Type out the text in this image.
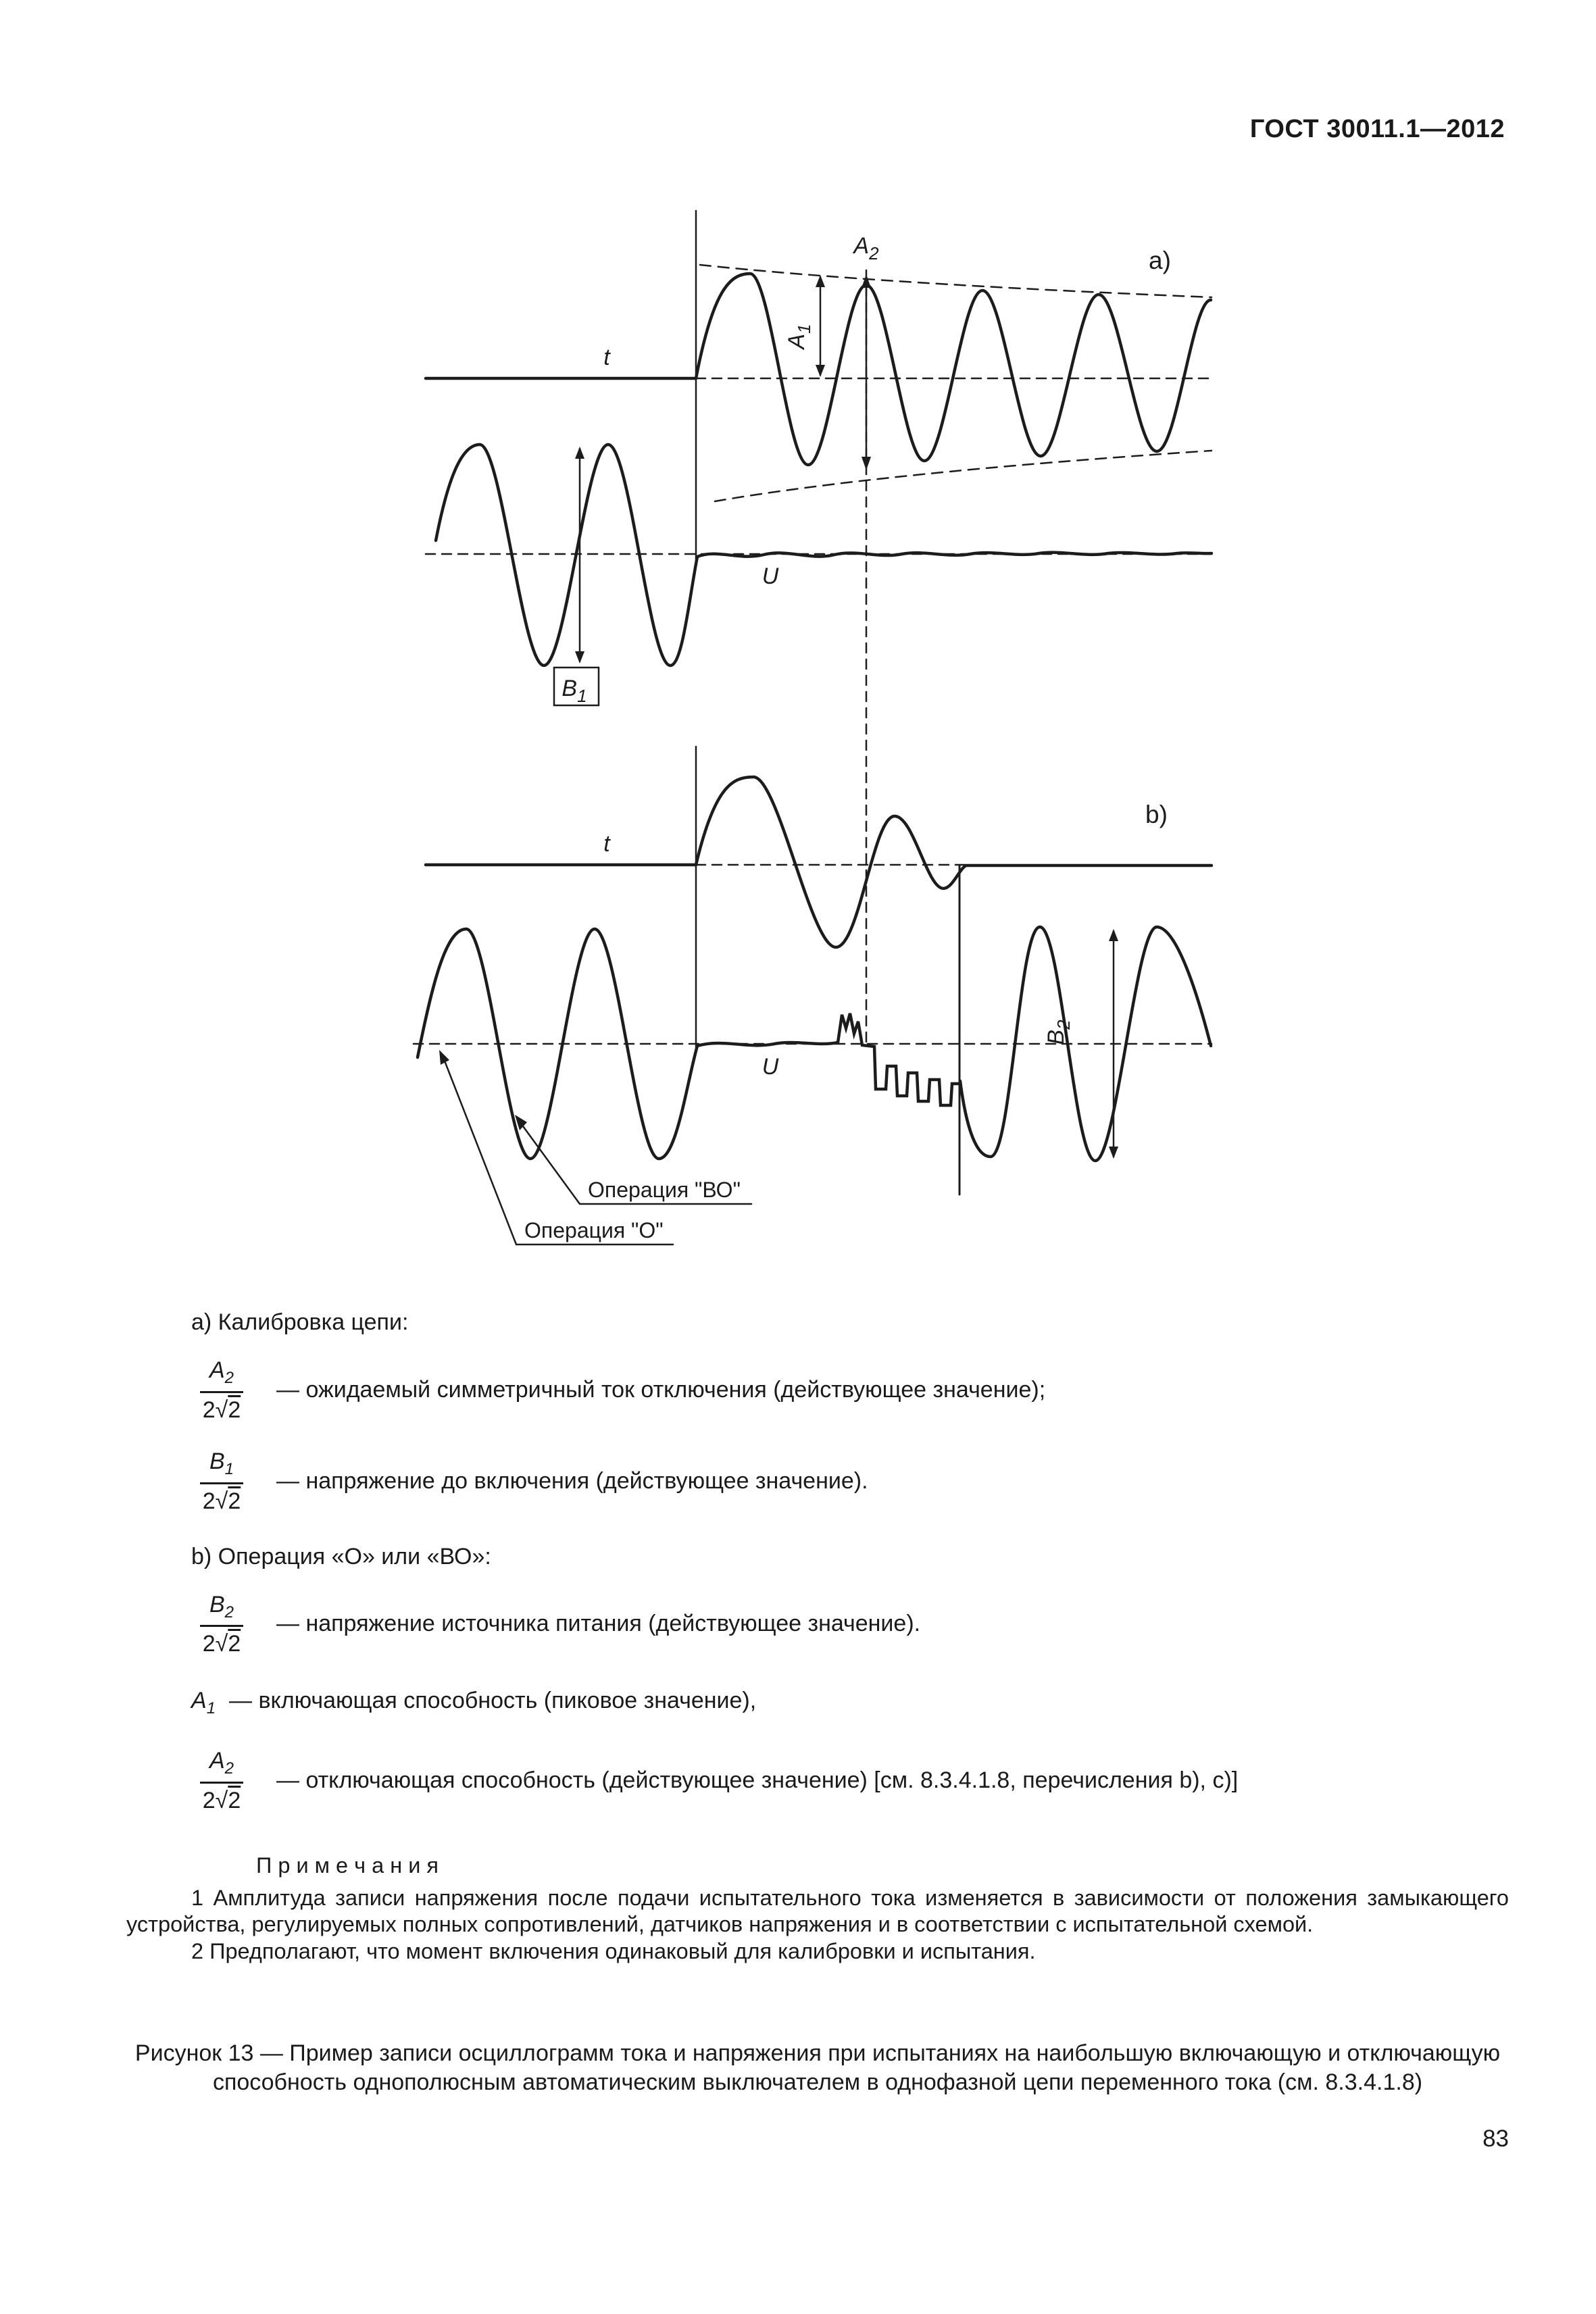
ГОСТ 30011.1—2012
t
U
t
U
$A_2$
$A_1$
$B_1$
$B_2$
a)
b)
Операция "ВО"
Операция "О"

а) Калибровка цепи:

$\frac{A_2}{2√2}$ — ожидаемый симметричный ток отключения (действующее значение);
$\frac{B_1}{2√2}$ — напряжение до включения (действующее значение).

b) Операция «О» или «ВО»:

$\frac{B_2}{2√2}$ — напряжение источника питания (действующее значение).
$A_1$ — включающая способность (пиковое значение),
$\frac{A_2}{2√2}$ — отключающая способность (действующее значение) [см. 8.3.4.1.8, перечисления b), c)]

П р и м е ч а н и я

1 Амплитуда записи напряжения после подачи испытательного тока изменяется в зависимости от положения замыкающего устройства, регулируемых полных сопротивлений, датчиков напряжения и в соответствии с испытательной схемой.

2 Предполагают, что момент включения одинаковый для калибровки и испытания.

Рисунок 13 — Пример записи осциллограмм тока и напряжения при испытаниях на наибольшую включающую и отключающую способность однополюсным автоматическим выключателем в однофазной цепи переменного тока (см. 8.3.4.1.8)

83
